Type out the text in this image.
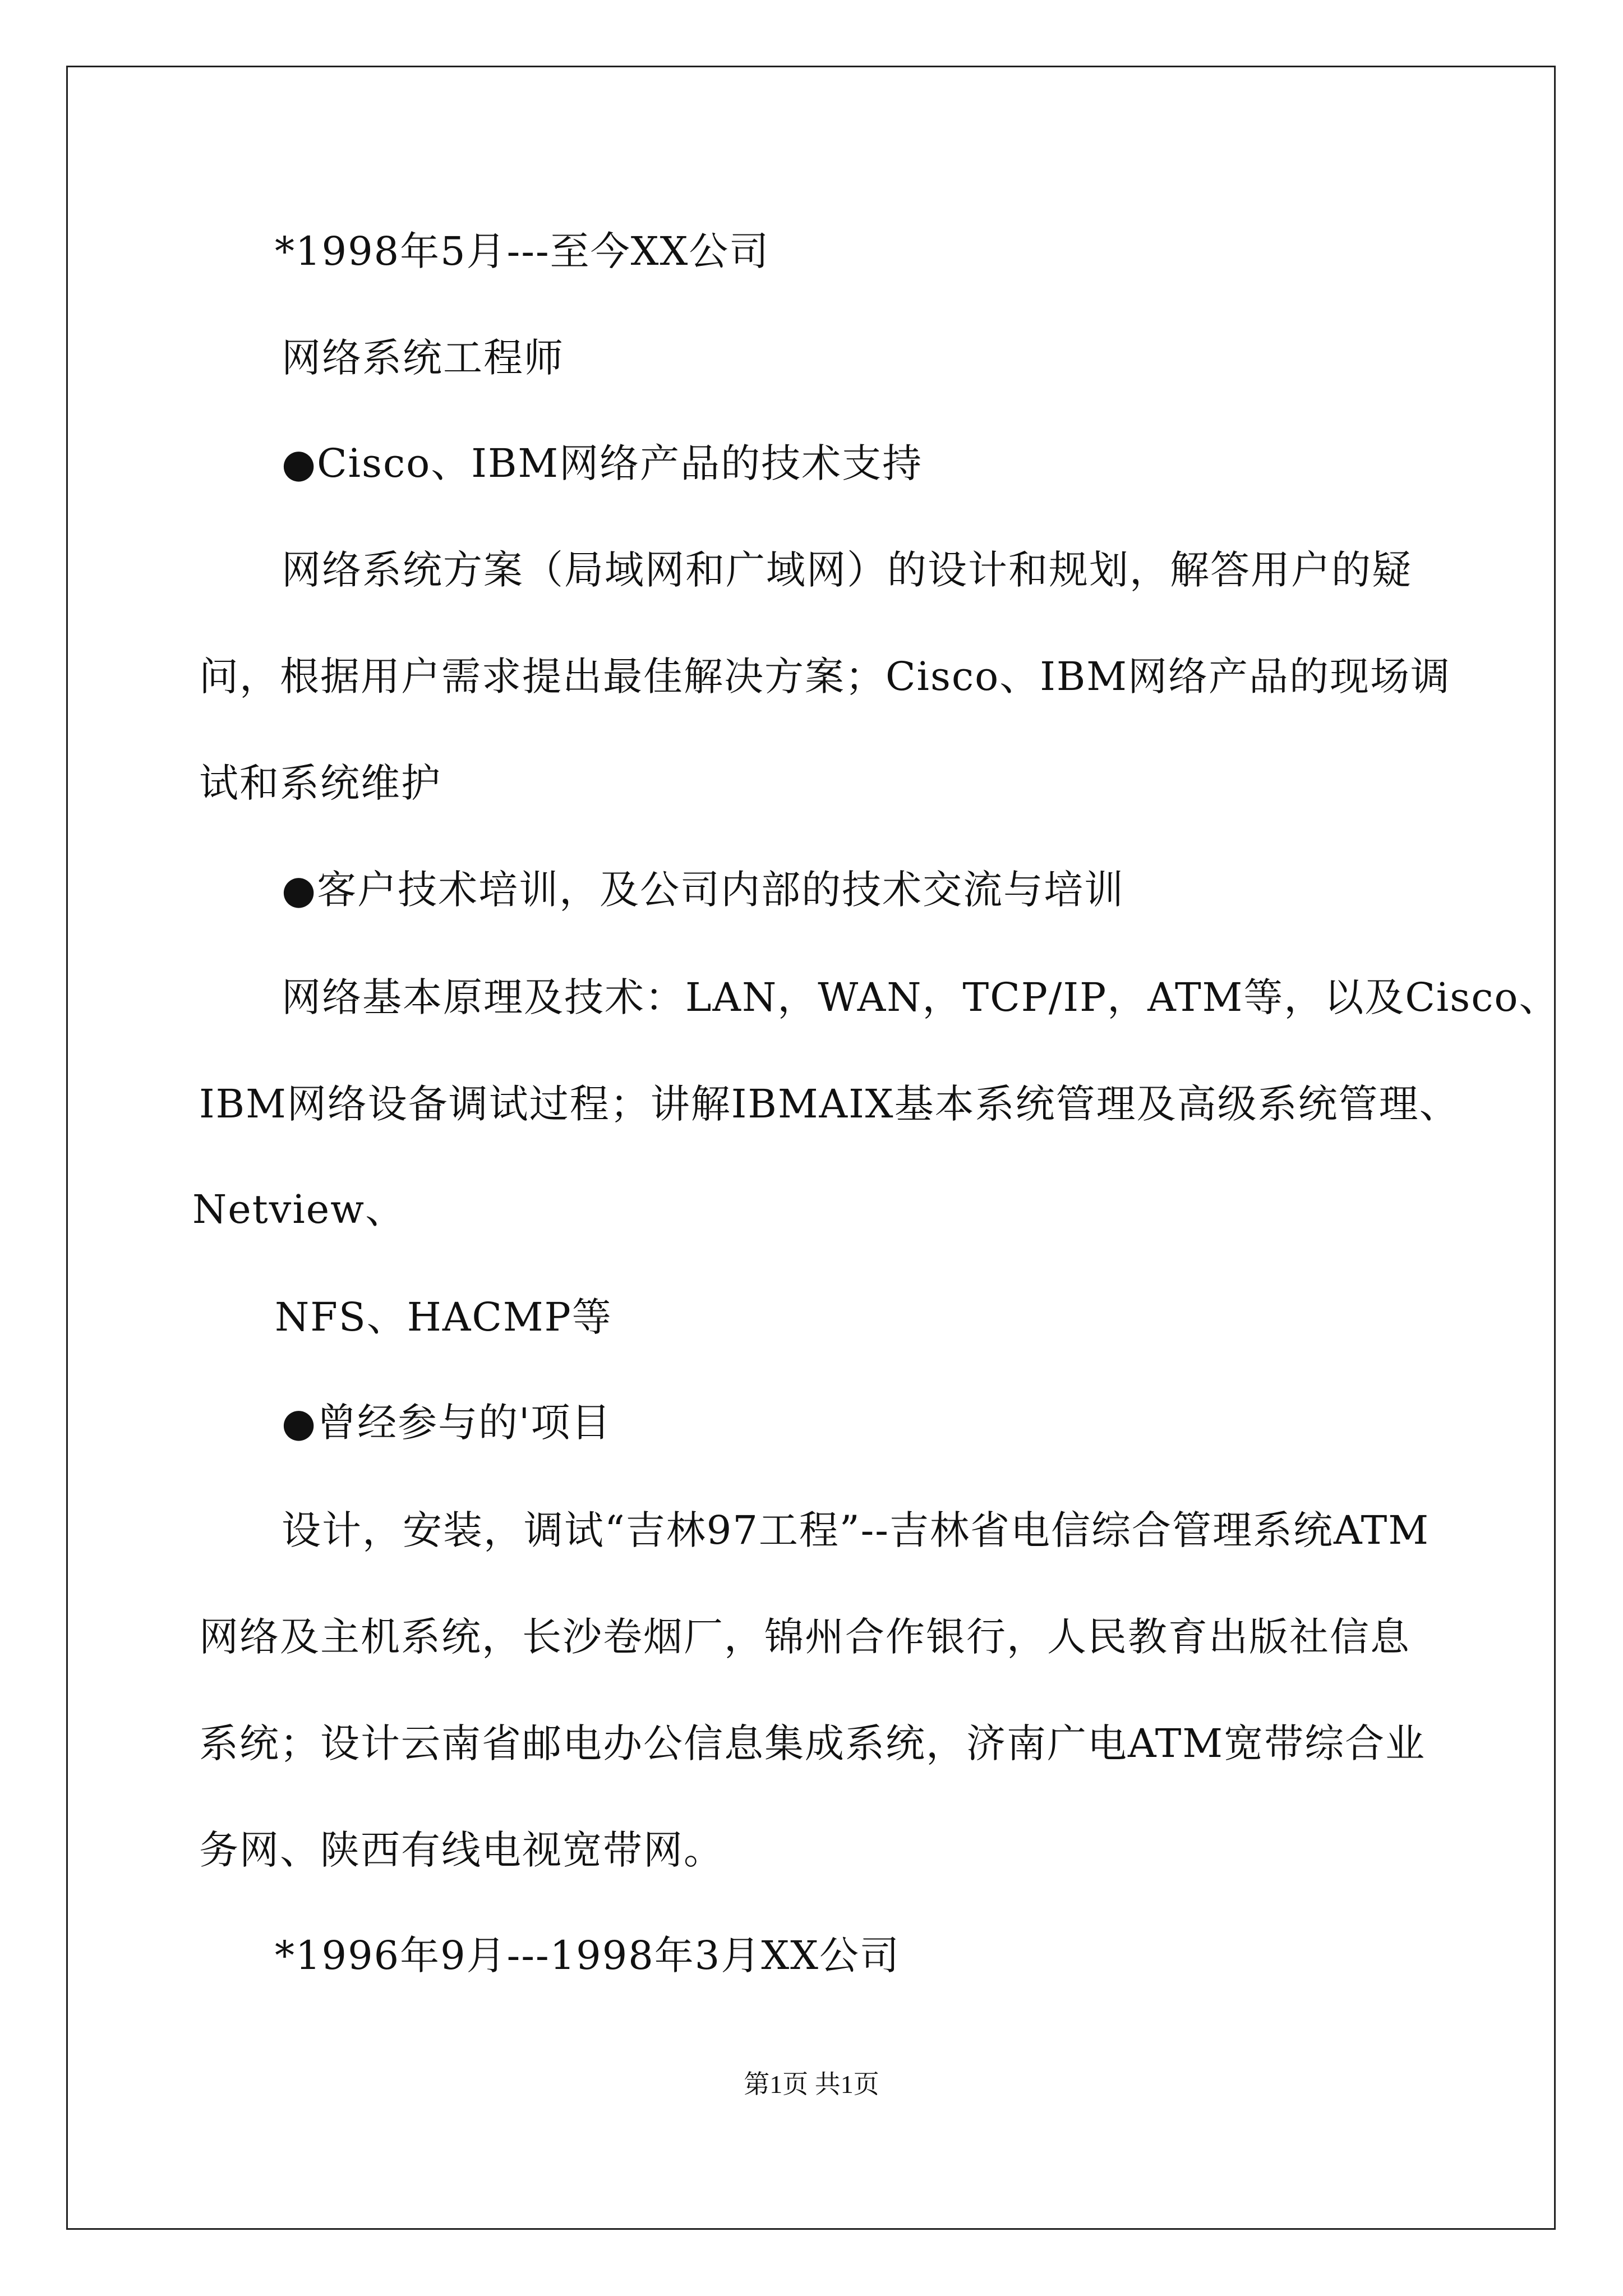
*1998年5月---至今XX公司
网络系统工程师
●Cisco、IBM网络产品的技术支持
网络系统方案（局域网和广域网）的设计和规划，解答用户的疑
问，根据用户需求提出最佳解决方案；Cisco、IBM网络产品的现场调
试和系统维护
●客户技术培训，及公司内部的技术交流与培训
网络基本原理及技术：LAN，WAN，TCP/IP，ATM等，以及Cisco、
IBM网络设备调试过程；讲解IBMAIX基本系统管理及高级系统管理、
Netview、
NFS、HACMP等
●曾经参与的'项目
设计，安装，调试“吉林97工程”--吉林省电信综合管理系统ATM
网络及主机系统，长沙卷烟厂，锦州合作银行，人民教育出版社信息
系统；设计云南省邮电办公信息集成系统，济南广电ATM宽带综合业
务网、陕西有线电视宽带网。
*1996年9月---1998年3月XX公司
第1页 共1页
